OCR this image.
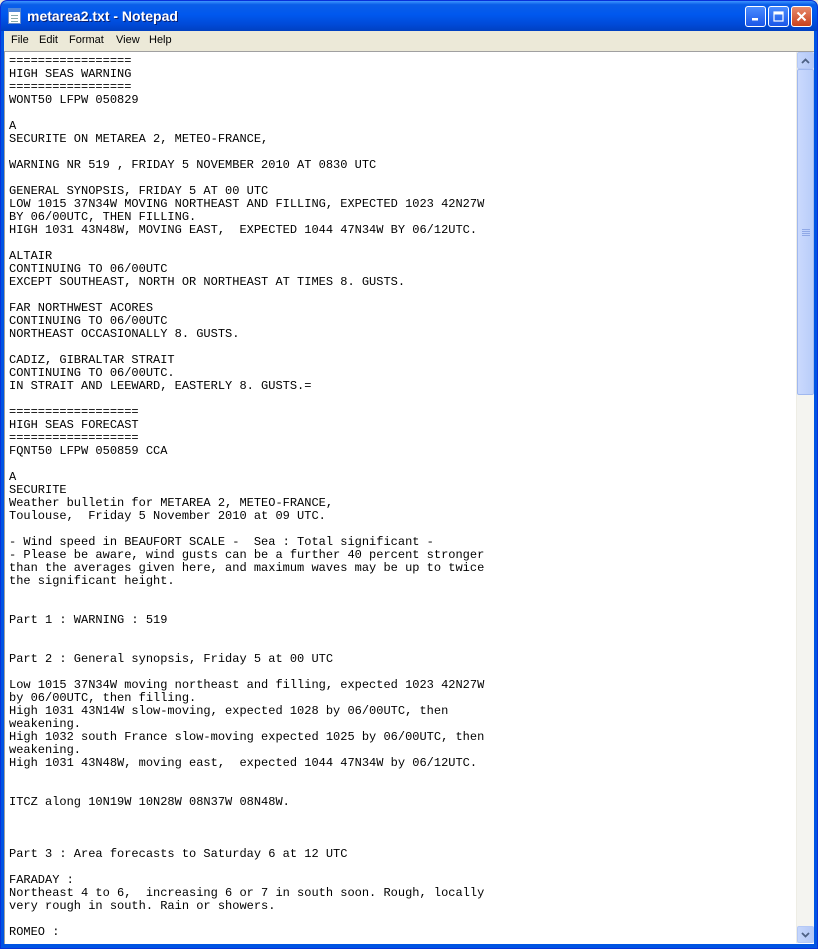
metarea2.txt - Notepad
File Edit Format View Help
=================
HIGH SEAS WARNING
=================
WONT50 LFPW 050829

A
SECURITE ON METAREA 2, METEO-FRANCE,

WARNING NR 519 , FRIDAY 5 NOVEMBER 2010 AT 0830 UTC

GENERAL SYNOPSIS, FRIDAY 5 AT 00 UTC
LOW 1015 37N34W MOVING NORTHEAST AND FILLING, EXPECTED 1023 42N27W
BY 06/00UTC, THEN FILLING.
HIGH 1031 43N48W, MOVING EAST,  EXPECTED 1044 47N34W BY 06/12UTC.

ALTAIR
CONTINUING TO 06/00UTC
EXCEPT SOUTHEAST, NORTH OR NORTHEAST AT TIMES 8. GUSTS.

FAR NORTHWEST ACORES
CONTINUING TO 06/00UTC
NORTHEAST OCCASIONALLY 8. GUSTS.

CADIZ, GIBRALTAR STRAIT
CONTINUING TO 06/00UTC.
IN STRAIT AND LEEWARD, EASTERLY 8. GUSTS.=

==================
HIGH SEAS FORECAST
==================
FQNT50 LFPW 050859 CCA

A
SECURITE
Weather bulletin for METAREA 2, METEO-FRANCE,
Toulouse,  Friday 5 November 2010 at 09 UTC.

- Wind speed in BEAUFORT SCALE -  Sea : Total significant -
- Please be aware, wind gusts can be a further 40 percent stronger
than the averages given here, and maximum waves may be up to twice
the significant height.

Part 1 : WARNING : 519

Part 2 : General synopsis, Friday 5 at 00 UTC

Low 1015 37N34W moving northeast and filling, expected 1023 42N27W
by 06/00UTC, then filling.
High 1031 43N14W slow-moving, expected 1028 by 06/00UTC, then
weakening.
High 1032 south France slow-moving expected 1025 by 06/00UTC, then
weakening.
High 1031 43N48W, moving east,  expected 1044 47N34W by 06/12UTC.

ITCZ along 10N19W 10N28W 08N37W 08N48W.

Part 3 : Area forecasts to Saturday 6 at 12 UTC

FARADAY :
Northeast 4 to 6,  increasing 6 or 7 in south soon. Rough, locally
very rough in south. Rain or showers.

ROMEO :
